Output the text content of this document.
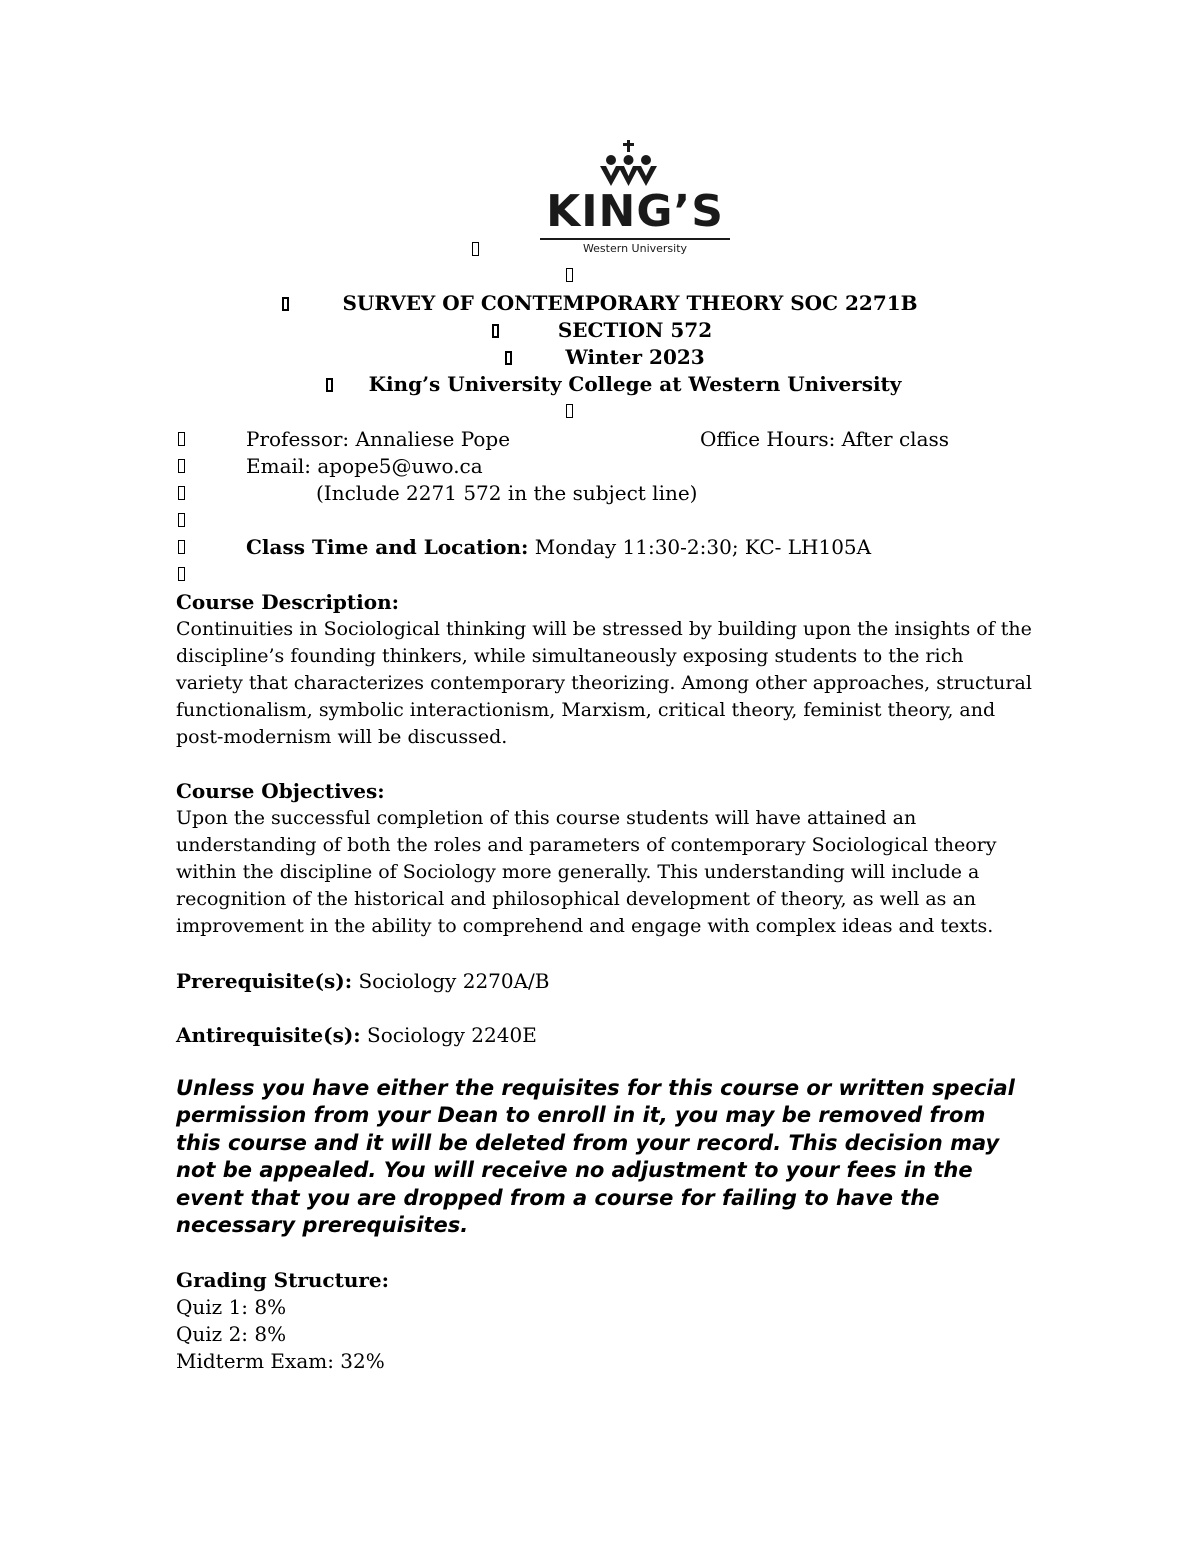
KING’S
Western University
SURVEY OF CONTEMPORARY THEORY SOC 2271B
SECTION 572
Winter 2023
King’s University College at Western University
Professor: Annaliese Pope	Office Hours: After class
Email: apope5@uwo.ca
(Include 2271 572 in the subject line)
Class Time and Location: Monday 11:30-2:30; KC- LH105A
Course Description:
Continuities in Sociological thinking will be stressed by building upon the insights of the discipline’s founding thinkers, while simultaneously exposing students to the rich variety that characterizes contemporary theorizing. Among other approaches, structural functionalism, symbolic interactionism, Marxism, critical theory, feminist theory, and post-modernism will be discussed.
Course Objectives:
Upon the successful completion of this course students will have attained an understanding of both the roles and parameters of contemporary Sociological theory within the discipline of Sociology more generally. This understanding will include a recognition of the historical and philosophical development of theory, as well as an improvement in the ability to comprehend and engage with complex ideas and texts.
Prerequisite(s): Sociology 2270A/B
Antirequisite(s): Sociology 2240E
Unless you have either the requisites for this course or written special permission from your Dean to enroll in it, you may be removed from this course and it will be deleted from your record. This decision may not be appealed. You will receive no adjustment to your fees in the event that you are dropped from a course for failing to have the necessary prerequisites.
Grading Structure:
Quiz 1: 8%
Quiz 2: 8%
Midterm Exam: 32%
